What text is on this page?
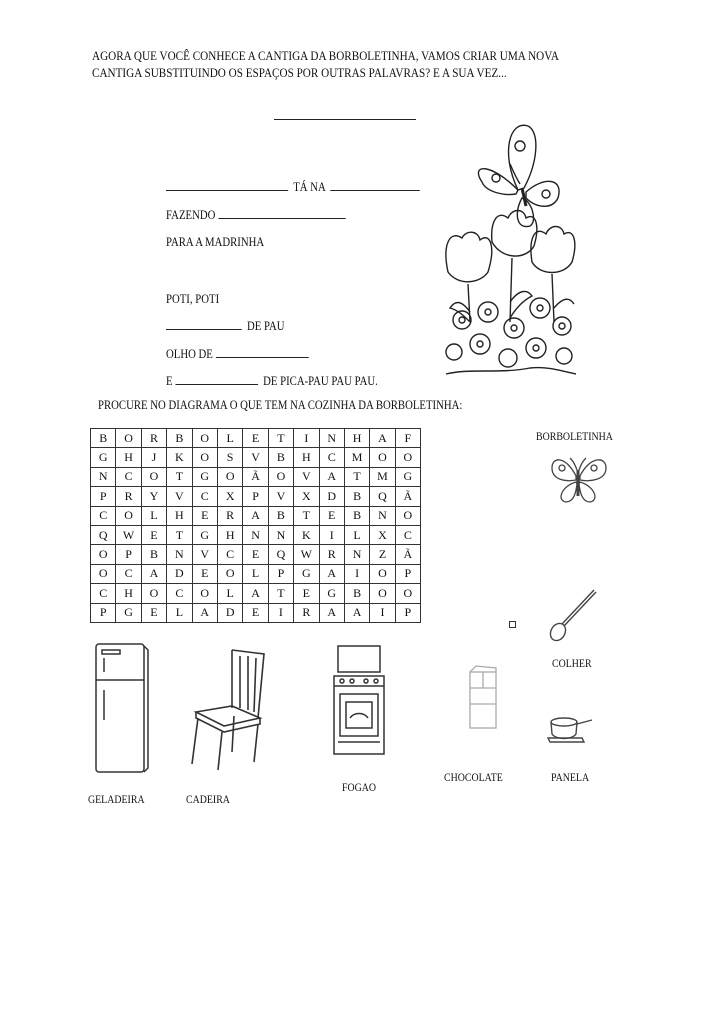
AGORA QUE VOCÊ CONHECE A CANTIGA DA BORBOLETINHA, VAMOS CRIAR UMA NOVA
CANTIGA SUBSTITUINDO OS ESPAÇOS POR OUTRAS PALAVRAS? E A SUA VEZ...
TÁ NA
FAZENDO
PARA A MADRINHA
POTI, POTI
DE PAU
OLHO DE
E	DE PICA-PAU PAU PAU.
PROCURE NO DIAGRAMA O QUE TEM NA COZINHA DA BORBOLETINHA:
B	O	R	B	O	L	E	T	I	N	H	A	F
G	H	J	K	O	S	V	B	H	C	M	O	O
N	C	O	T	G	O	Ã	O	V	A	T	M	G
P	R	Y	V	C	X	P	V	X	D	B	Q	Ã
C	O	L	H	E	R	A	B	T	E	B	N	O
Q	W	E	T	G	H	N	N	K	I	L	X	C
O	P	B	N	V	C	E	Q	W	R	N	Z	Ã
O	C	A	D	E	O	L	P	G	A	I	O	P
C	H	O	C	O	L	A	T	E	G	B	O	O
P	G	E	L	A	D	E	I	R	A	A	I	P
BORBOLETINHA
COLHER
PANELA
CHOCOLATE
GELADEIRA	CADEIRA
FOGAO
